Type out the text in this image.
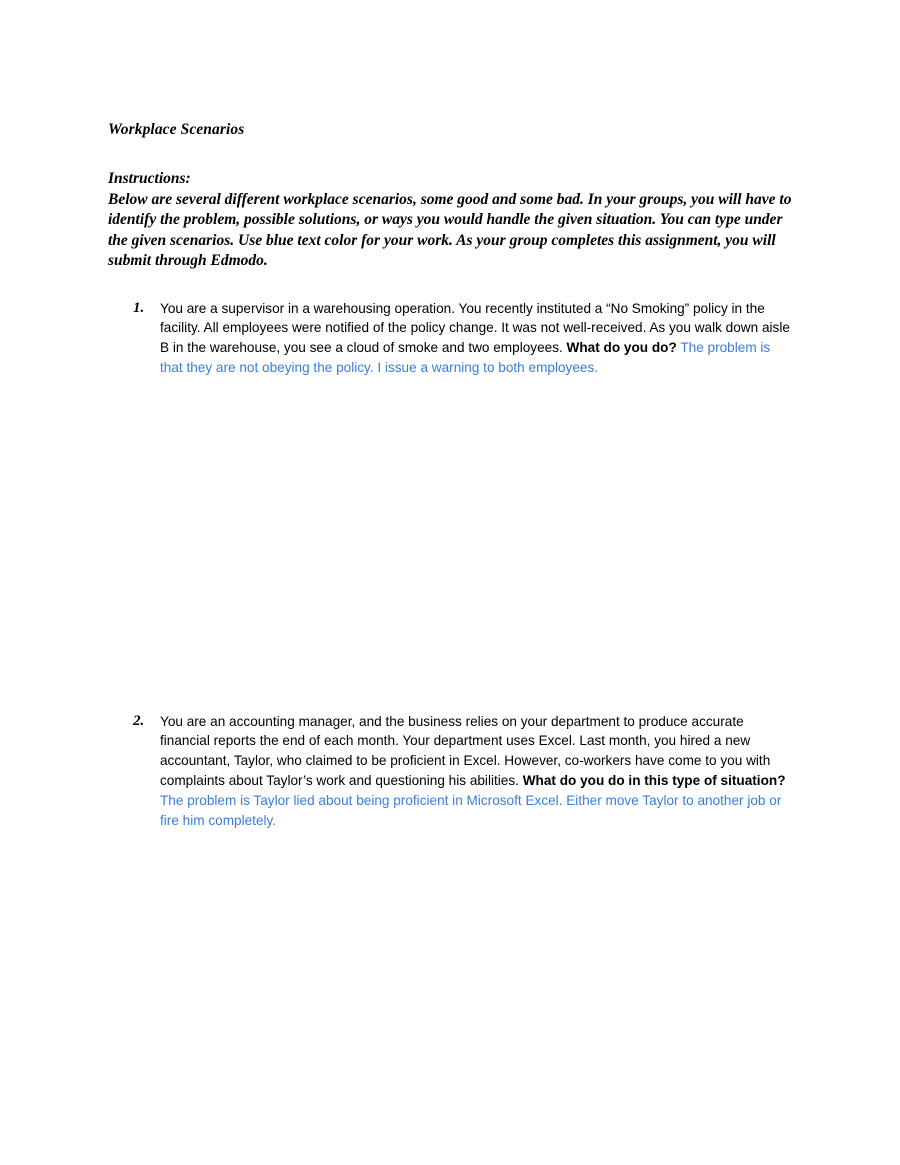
Workplace Scenarios

Instructions:

Below are several different workplace scenarios, some good and some bad. In your groups, you will have to identify the problem, possible solutions, or ways you would handle the given situation. You can type under the given scenarios. Use blue text color for your work. As your group completes this assignment, you will submit through Edmodo.

1. You are a supervisor in a warehousing operation. You recently instituted a “No Smoking” policy in the facility. All employees were notified of the policy change. It was not well-received. As you walk down aisle B in the warehouse, you see a cloud of smoke and two employees. What do you do? The problem is that they are not obeying the policy. I issue a warning to both employees.

2. You are an accounting manager, and the business relies on your department to produce accurate financial reports the end of each month. Your department uses Excel. Last month, you hired a new accountant, Taylor, who claimed to be proficient in Excel. However, co-workers have come to you with complaints about Taylor’s work and questioning his abilities. What do you do in this type of situation? The problem is Taylor lied about being proficient in Microsoft Excel. Either move Taylor to another job or fire him completely.
